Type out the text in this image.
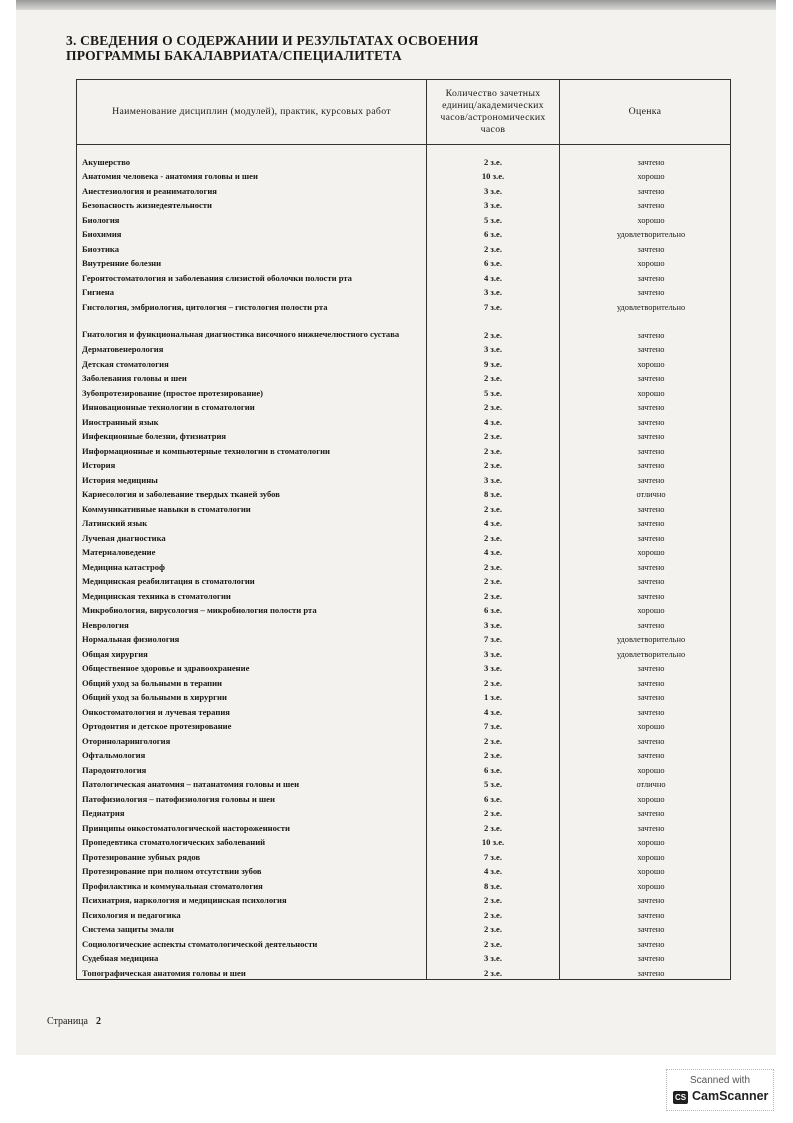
3. СВЕДЕНИЯ О СОДЕРЖАНИИ И РЕЗУЛЬТАТАХ ОСВОЕНИЯ
ПРОГРАММЫ БАКАЛАВРИАТА/СПЕЦИАЛИТЕТА
Наименование дисциплин (модулей), практик, курсовых работ	Количество зачетных единиц/академических часов/астрономических часов	Оценка

Акушерство	2 з.е.	зачтено
Анатомия человека - анатомия головы и шеи	10 з.е.	хорошо
Анестезиология и реаниматология	3 з.е.	зачтено
Безопасность жизнедеятельности	3 з.е.	зачтено
Биология	5 з.е.	хорошо
Биохимия	6 з.е.	удовлетворительно
Биоэтика	2 з.е.	зачтено
Внутренние болезни	6 з.е.	хорошо
Геронтостоматология и заболевания слизистой оболочки полости рта	4 з.е.	зачтено
Гигиена	3 з.е.	зачтено
Гистология, эмбриология, цитология – гистология полости рта	7 з.е.	удовлетворительно
Гнатология и функциональная диагностика височного нижнечелюстного сустава	2 з.е.	зачтено
Дерматовенерология	3 з.е.	зачтено
Детская стоматология	9 з.е.	хорошо
Заболевания головы и шеи	2 з.е.	зачтено
Зубопротезирование (простое протезирование)	5 з.е.	хорошо
Инновационные технологии в стоматологии	2 з.е.	зачтено
Иностранный язык	4 з.е.	зачтено
Инфекционные болезни, фтизиатрия	2 з.е.	зачтено
Информационные и компьютерные технологии в стоматологии	2 з.е.	зачтено
История	2 з.е.	зачтено
История медицины	3 з.е.	зачтено
Кариесология и заболевание твердых тканей зубов	8 з.е.	отлично
Коммуникативные навыки в стоматологии	2 з.е.	зачтено
Латинский язык	4 з.е.	зачтено
Лучевая диагностика	2 з.е.	зачтено
Материаловедение	4 з.е.	хорошо
Медицина катастроф	2 з.е.	зачтено
Медицинская реабилитация в стоматологии	2 з.е.	зачтено
Медицинская техника в стоматологии	2 з.е.	зачтено
Микробиология, вирусология – микробиология полости рта	6 з.е.	хорошо
Неврология	3 з.е.	зачтено
Нормальная физиология	7 з.е.	удовлетворительно
Общая хирургия	3 з.е.	удовлетворительно
Общественное здоровье и здравоохранение	3 з.е.	зачтено
Общий уход за больными в терапии	2 з.е.	зачтено
Общий уход за больными в хирургии	1 з.е.	зачтено
Онкостоматология и лучевая терапия	4 з.е.	зачтено
Ортодонтия и детское протезирование	7 з.е.	хорошо
Оториноларингология	2 з.е.	зачтено
Офтальмология	2 з.е.	зачтено
Пародонтология	6 з.е.	хорошо
Патологическая анатомия – патанатомия головы и шеи	5 з.е.	отлично
Патофизиология – патофизиология головы и шеи	6 з.е.	хорошо
Педиатрия	2 з.е.	зачтено
Принципы онкостоматологической настороженности	2 з.е.	зачтено
Пропедевтика стоматологических заболеваний	10 з.е.	хорошо
Протезирование зубных рядов	7 з.е.	хорошо
Протезирование при полном отсутствии зубов	4 з.е.	хорошо
Профилактика и коммунальная стоматология	8 з.е.	хорошо
Психиатрия, наркология и медицинская психология	2 з.е.	зачтено
Психология и педагогика	2 з.е.	зачтено
Система защиты эмали	2 з.е.	зачтено
Социологические аспекты стоматологической деятельности	2 з.е.	зачтено
Судебная медицина	3 з.е.	зачтено
Топографическая анатомия головы и шеи	2 з.е.	зачтено
Страница 2
Scanned with
CS CamScanner
